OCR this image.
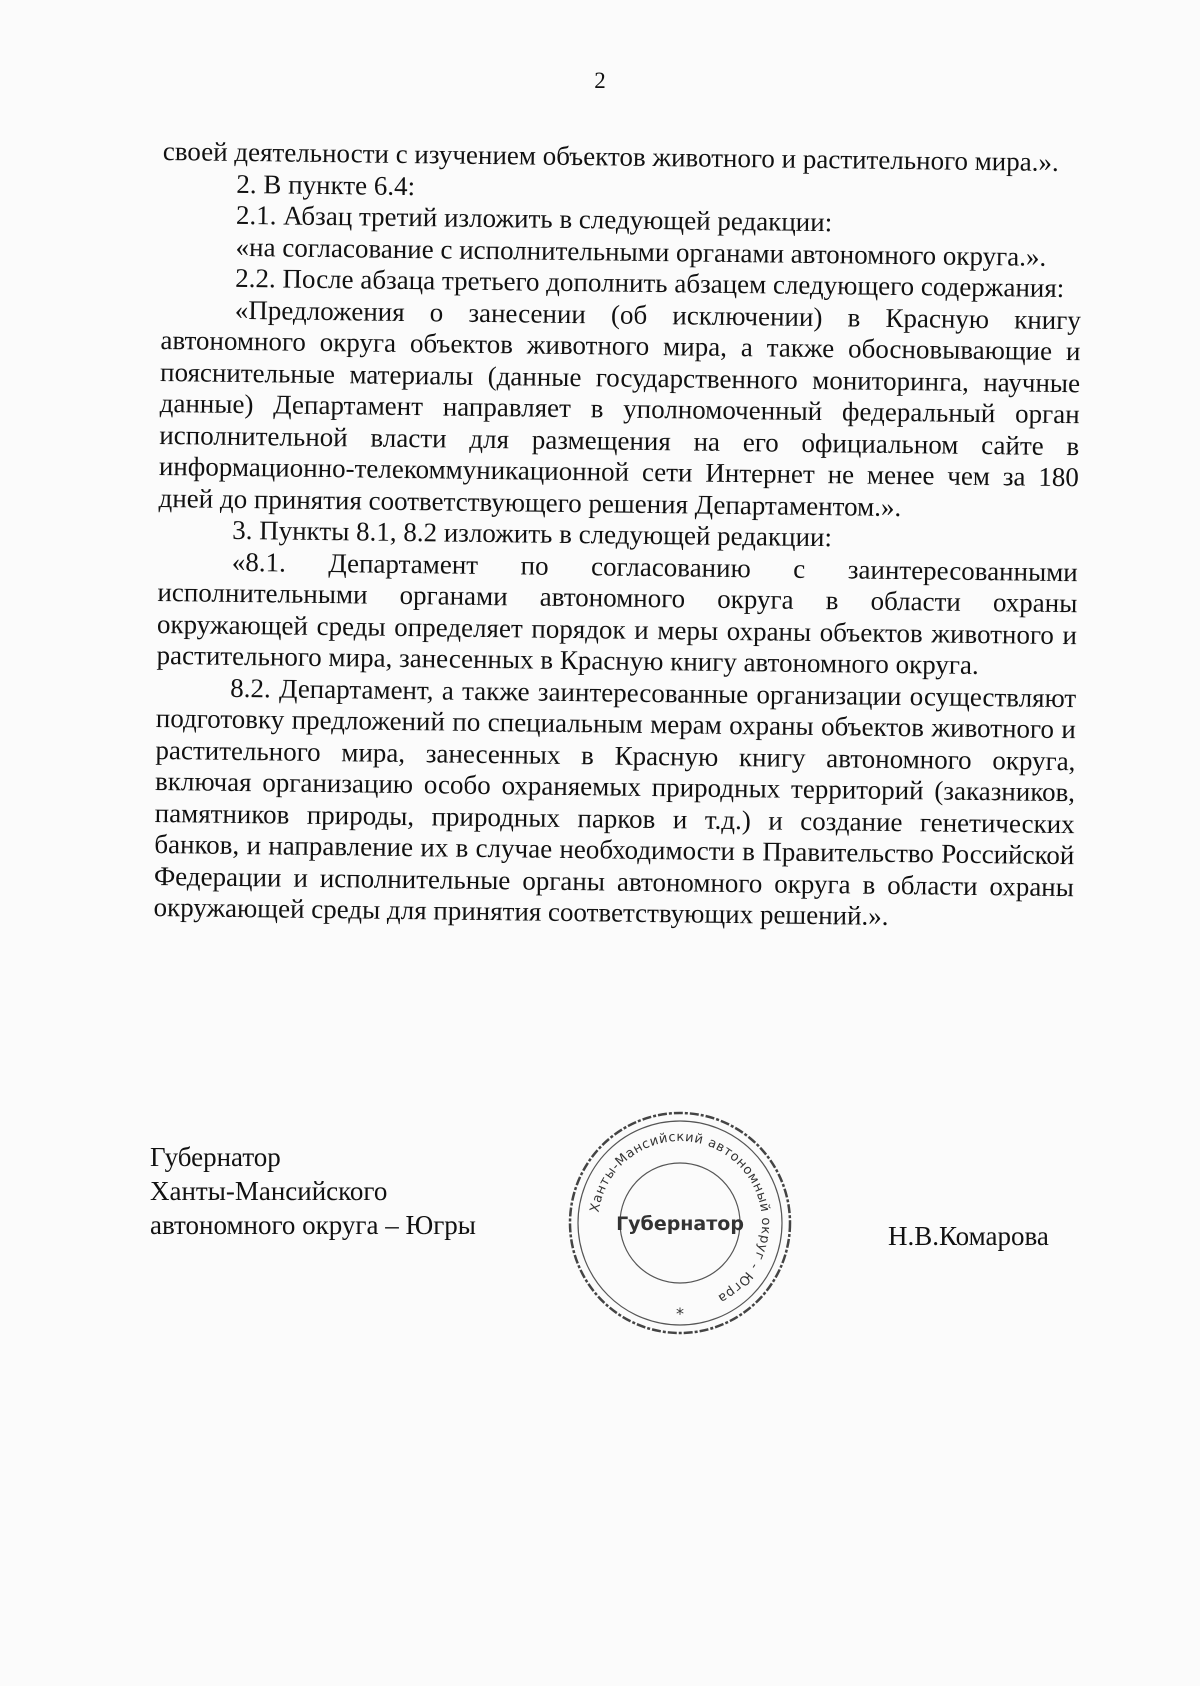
2

своей деятельности с изучением объектов животного и растительного мира.».

2. В пункте 6.4:

2.1. Абзац третий изложить в следующей редакции:

«на согласование с исполнительными органами автономного округа.».

2.2. После абзаца третьего дополнить абзацем следующего содержания:

«Предложения о занесении (об исключении) в Красную книгу автономного округа объектов животного мира, а также обосновывающие и пояснительные материалы (данные государственного мониторинга, научные данные) Департамент направляет в уполномоченный федеральный орган исполнительной власти для размещения на его официальном сайте в информационно-телекоммуникационной сети Интернет не менее чем за 180 дней до принятия соответствующего решения Департаментом.».

3. Пункты 8.1, 8.2 изложить в следующей редакции:

«8.1. Департамент по согласованию с заинтересованными исполнительными органами автономного округа в области охраны окружающей среды определяет порядок и меры охраны объектов животного и растительного мира, занесенных в Красную книгу автономного округа.

8.2. Департамент, а также заинтересованные организации осуществляют подготовку предложений по специальным мерам охраны объектов животного и растительного мира, занесенных в Красную книгу автономного округа, включая организацию особо охраняемых природных территорий (заказников, памятников природы, природных парков и т.д.) и создание генетических банков, и направление их в случае необходимости в Правительство Российской Федерации и исполнительные органы автономного округа в области охраны окружающей среды для принятия соответствующих решений.».

Губернатор
Ханты-Мансийского
автономного округа – Югры
Ханты-Мансийский автономный округ - Югра
Губернатор
*
Н.В.Комарова
